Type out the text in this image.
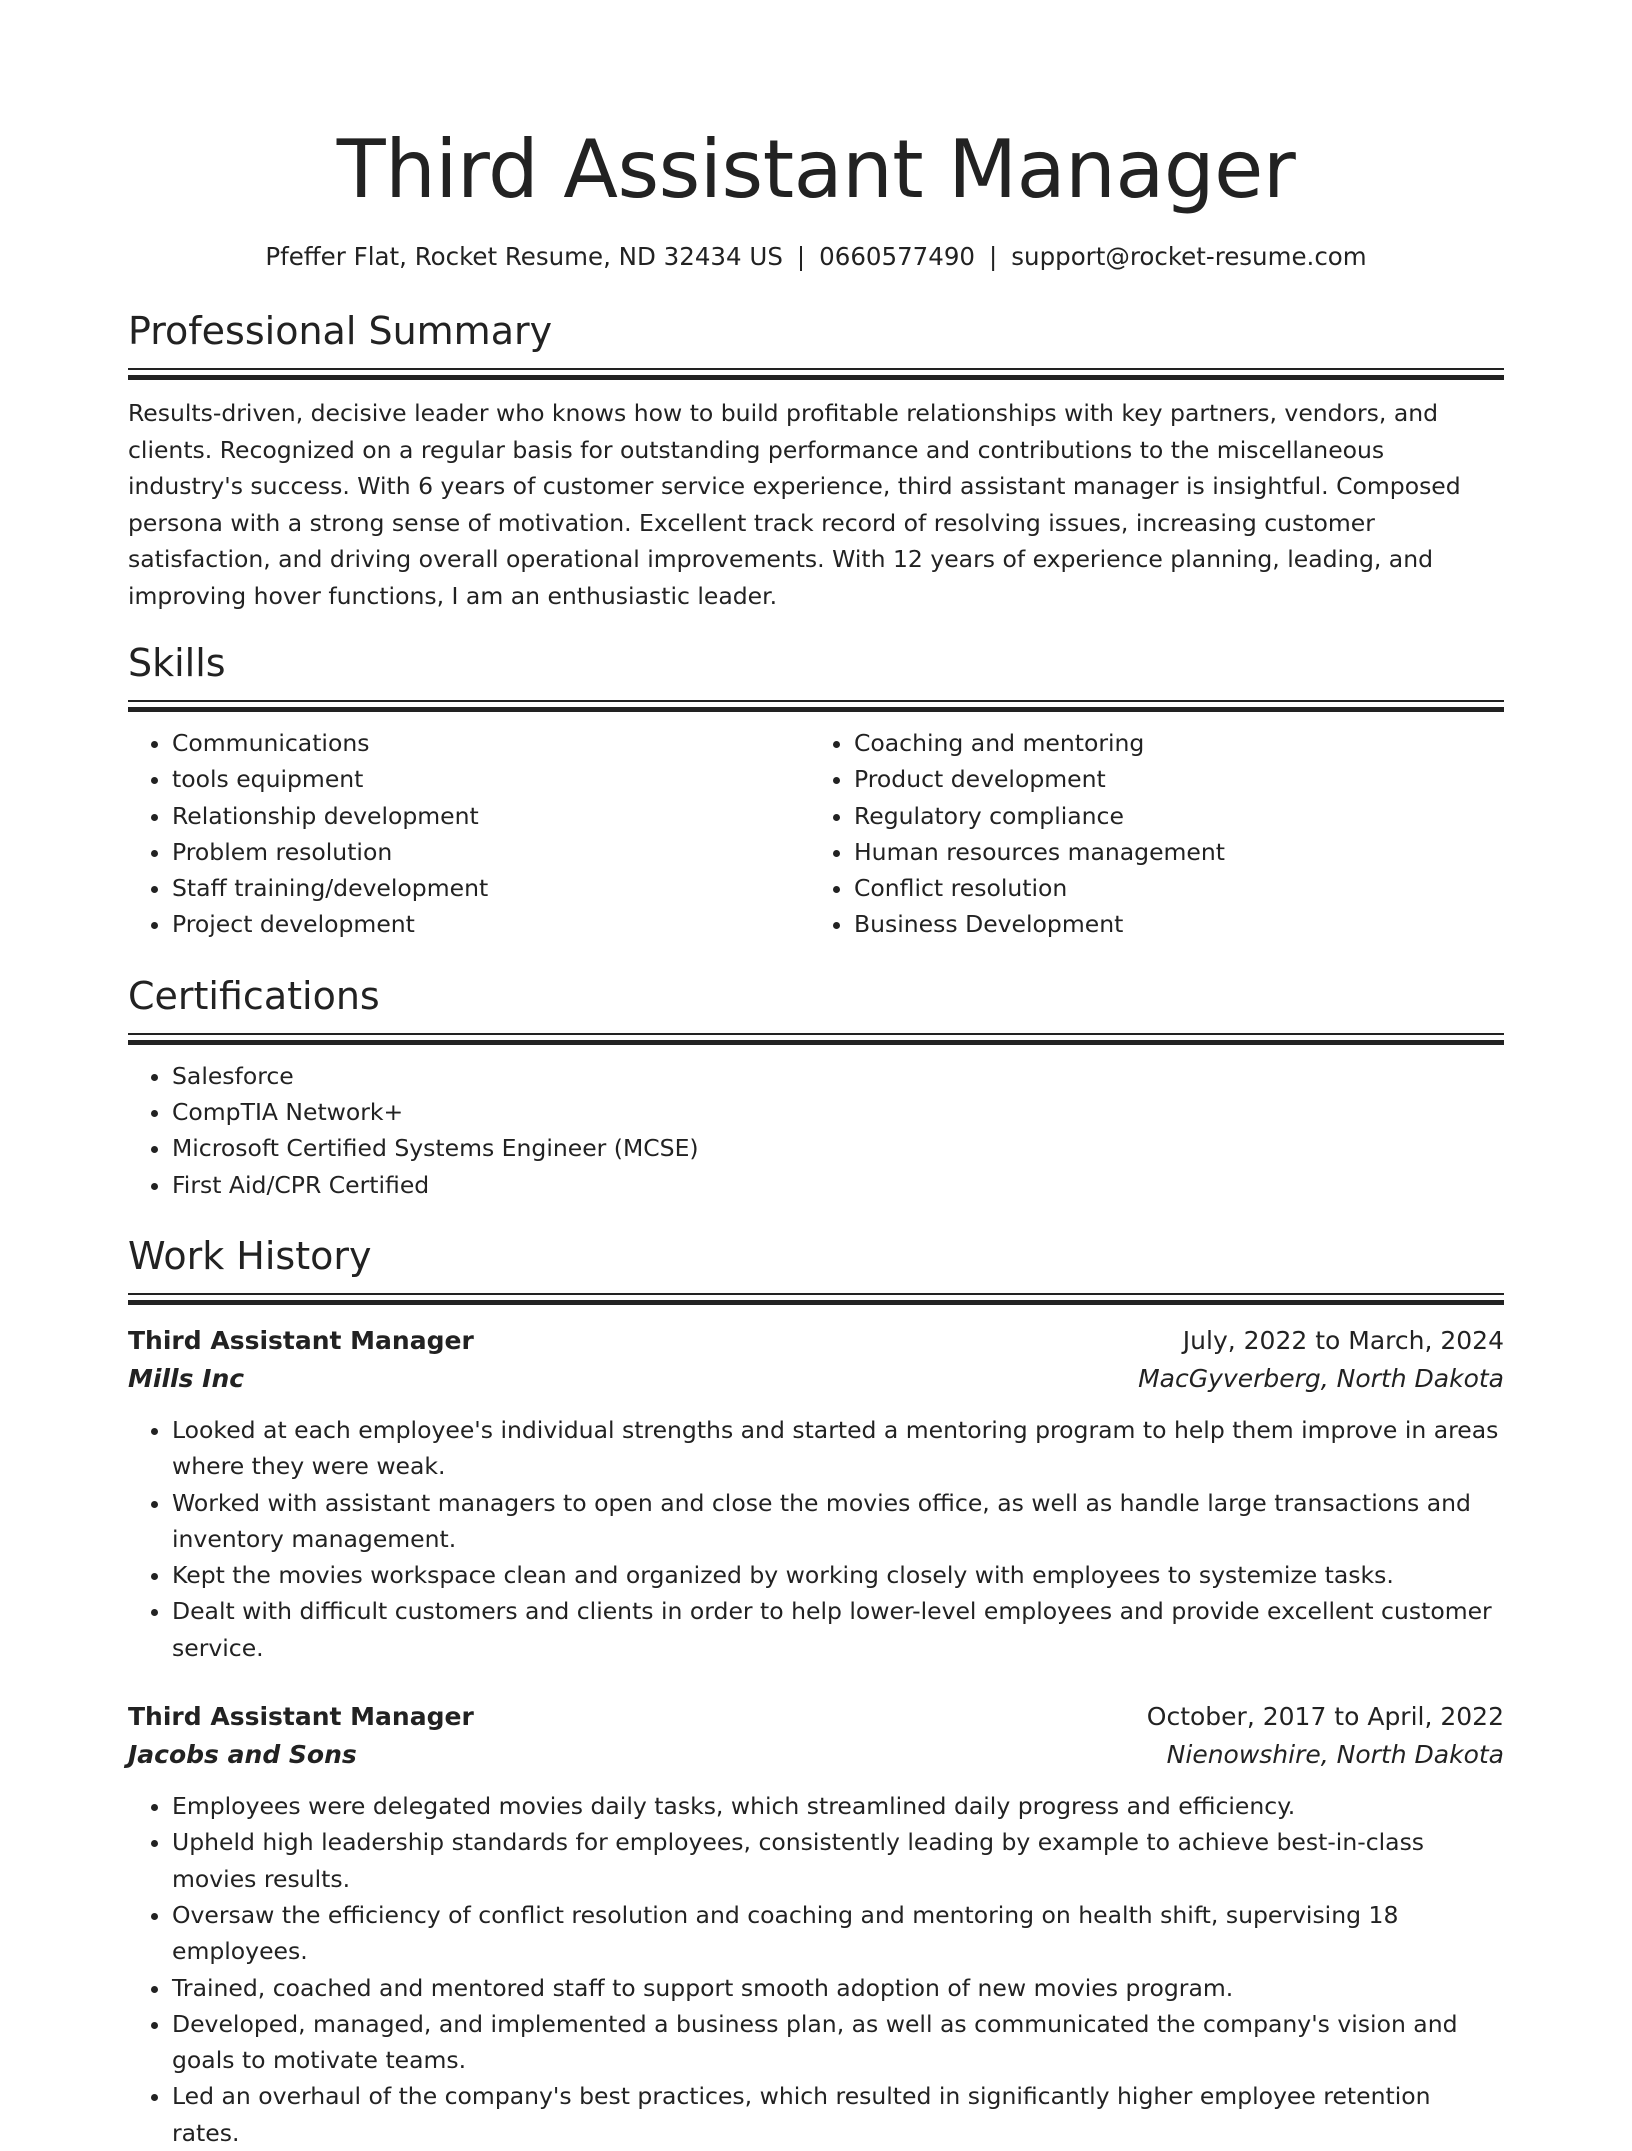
Third Assistant Manager
Pfeffer Flat, Rocket Resume, ND 32434 US | 0660577490 | support@rocket-resume.com
Professional Summary

Results-driven, decisive leader who knows how to build profitable relationships with key partners, vendors, and clients. Recognized on a regular basis for outstanding performance and contributions to the miscellaneous industry's success. With 6 years of customer service experience, third assistant manager is insightful. Composed persona with a strong sense of motivation. Excellent track record of resolving issues, increasing customer satisfaction, and driving overall operational improvements. With 12 years of experience planning, leading, and improving hover functions, I am an enthusiastic leader.

Skills
• Communications
• tools equipment
• Relationship development
• Problem resolution
• Staff training/development
• Project development
• Coaching and mentoring
• Product development
• Regulatory compliance
• Human resources management
• Conflict resolution
• Business Development
Certifications
• Salesforce
• CompTIA Network+
• Microsoft Certified Systems Engineer (MCSE)
• First Aid/CPR Certified
Work History
Third Assistant Manager	July, 2022 to March, 2024
Mills Inc	MacGyverberg, North Dakota
• Looked at each employee's individual strengths and started a mentoring program to help them improve in areas where they were weak.
• Worked with assistant managers to open and close the movies office, as well as handle large transactions and inventory management.
• Kept the movies workspace clean and organized by working closely with employees to systemize tasks.
• Dealt with difficult customers and clients in order to help lower-level employees and provide excellent customer service.
Third Assistant Manager	October, 2017 to April, 2022
Jacobs and Sons	Nienowshire, North Dakota
• Employees were delegated movies daily tasks, which streamlined daily progress and efficiency.
• Upheld high leadership standards for employees, consistently leading by example to achieve best-in-class movies results.
• Oversaw the efficiency of conflict resolution and coaching and mentoring on health shift, supervising 18 employees.
• Trained, coached and mentored staff to support smooth adoption of new movies program.
• Developed, managed, and implemented a business plan, as well as communicated the company's vision and goals to motivate teams.
• Led an overhaul of the company's best practices, which resulted in significantly higher employee retention rates.
